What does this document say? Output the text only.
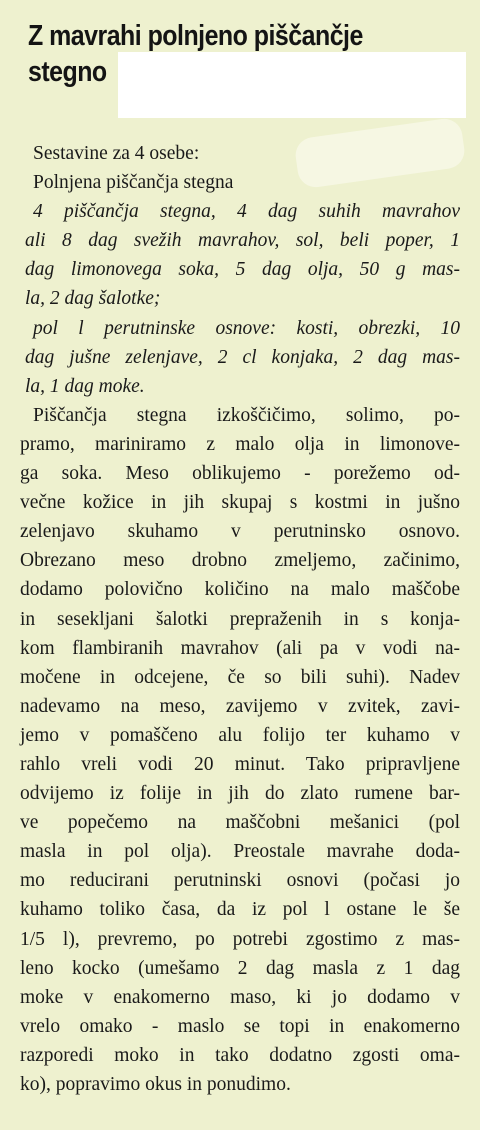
Z mavrahi polnjeno piščančje
stegno
Sestavine za 4 osebe:
Polnjena piščančja stegna
4 piščančja stegna, 4 dag suhih mavrahov
ali 8 dag svežih mavrahov, sol, beli poper, 1
dag limonovega soka, 5 dag olja, 50 g mas-
la, 2 dag šalotke;
pol l perutninske osnove: kosti, obrezki, 10
dag jušne zelenjave, 2 cl konjaka, 2 dag mas-
la, 1 dag moke.
Piščančja stegna izkoščičimo, solimo, po-
pramo, mariniramo z malo olja in limonove-
ga soka. Meso oblikujemo - porežemo od-
večne kožice in jih skupaj s kostmi in jušno
zelenjavo skuhamo v perutninsko osnovo.
Obrezano meso drobno zmeljemo, začinimo,
dodamo polovično količino na malo maščobe
in sesekljani šalotki prepraženih in s konja-
kom flambiranih mavrahov (ali pa v vodi na-
močene in odcejene, če so bili suhi). Nadev
nadevamo na meso, zavijemo v zvitek, zavi-
jemo v pomaščeno alu folijo ter kuhamo v
rahlo vreli vodi 20 minut. Tako pripravljene
odvijemo iz folije in jih do zlato rumene bar-
ve popečemo na maščobni mešanici (pol
masla in pol olja). Preostale mavrahe doda-
mo reducirani perutninski osnovi (počasi jo
kuhamo toliko časa, da iz pol l ostane le še
1/5 l), prevremo, po potrebi zgostimo z mas-
leno kocko (umešamo 2 dag masla z 1 dag
moke v enakomerno maso, ki jo dodamo v
vrelo omako - maslo se topi in enakomerno
razporedi moko in tako dodatno zgosti oma-
ko), popravimo okus in ponudimo.
